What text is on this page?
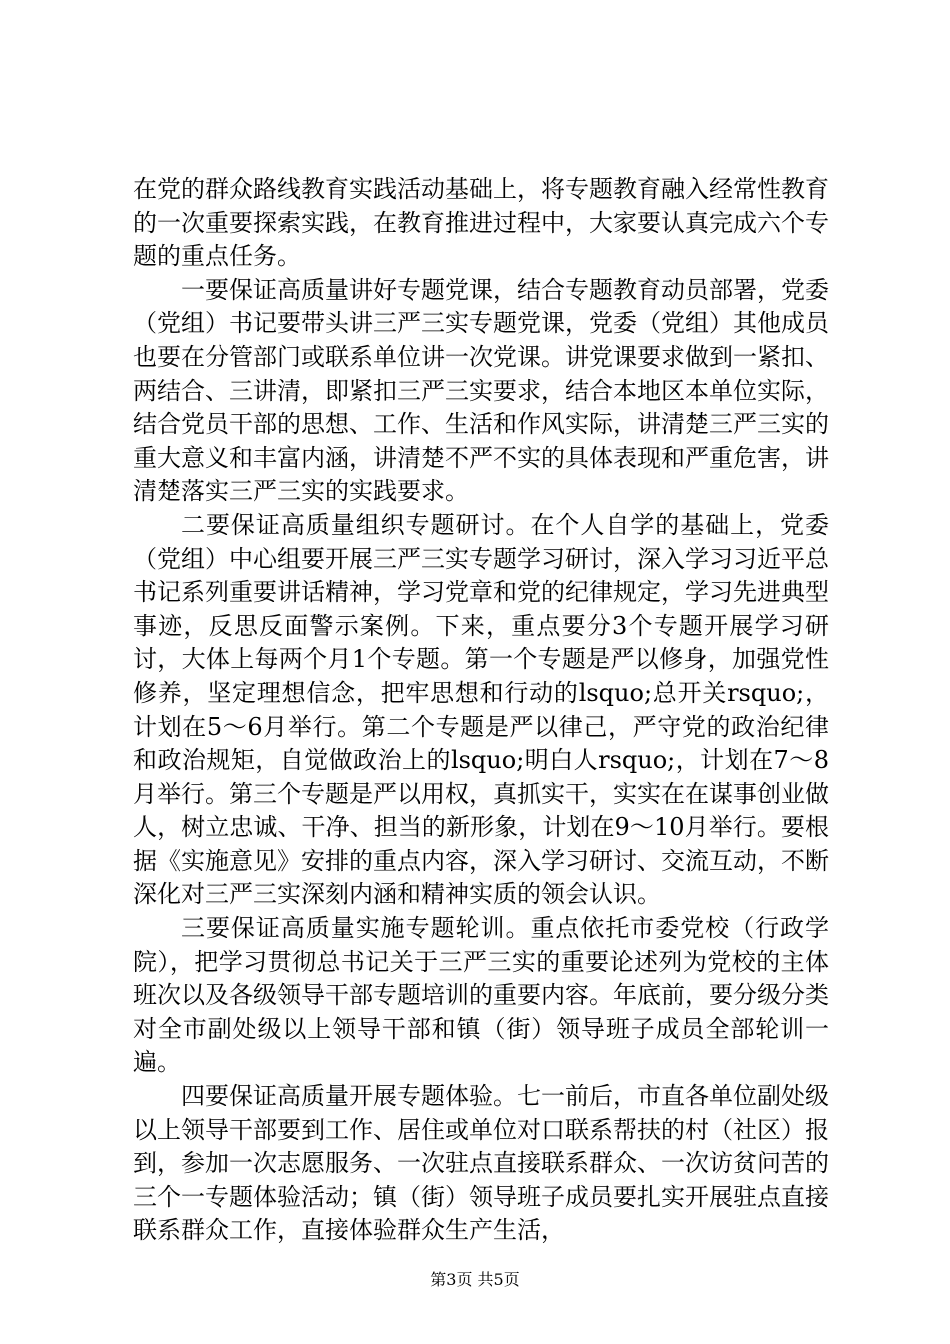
在党的群众路线教育实践活动基础上，将专题教育融入经常性教育的一次重要探索实践，在教育推进过程中，大家要认真完成六个专题的重点任务。

一要保证高质量讲好专题党课，结合专题教育动员部署，党委（党组）书记要带头讲三严三实专题党课，党委（党组）其他成员也要在分管部门或联系单位讲一次党课。讲党课要求做到一紧扣、两结合、三讲清，即紧扣三严三实要求，结合本地区本单位实际，结合党员干部的思想、工作、生活和作风实际，讲清楚三严三实的重大意义和丰富内涵，讲清楚不严不实的具体表现和严重危害，讲清楚落实三严三实的实践要求。

二要保证高质量组织专题研讨。在个人自学的基础上，党委（党组）中心组要开展三严三实专题学习研讨，深入学习习近平总书记系列重要讲话精神，学习党章和党的纪律规定，学习先进典型事迹，反思反面警示案例。下来，重点要分3个专题开展学习研讨，大体上每两个月1个专题。第一个专题是严以修身，加强党性修养，坚定理想信念，把牢思想和行动的lsquo;总开关rsquo;，计划在5～6月举行。第二个专题是严以律己，严守党的政治纪律和政治规矩，自觉做政治上的lsquo;明白人rsquo;，计划在7～8月举行。第三个专题是严以用权，真抓实干，实实在在谋事创业做人，树立忠诚、干净、担当的新形象，计划在9～10月举行。要根据《实施意见》安排的重点内容，深入学习研讨、交流互动，不断深化对三严三实深刻内涵和精神实质的领会认识。

三要保证高质量实施专题轮训。重点依托市委党校（行政学院），把学习贯彻总书记关于三严三实的重要论述列为党校的主体班次以及各级领导干部专题培训的重要内容。年底前，要分级分类对全市副处级以上领导干部和镇（街）领导班子成员全部轮训一遍。

四要保证高质量开展专题体验。七一前后，市直各单位副处级以上领导干部要到工作、居住或单位对口联系帮扶的村（社区）报到，参加一次志愿服务、一次驻点直接联系群众、一次访贫问苦的三个一专题体验活动；镇（街）领导班子成员要扎实开展驻点直接联系群众工作，直接体验群众生产生活，

第3页 共5页
